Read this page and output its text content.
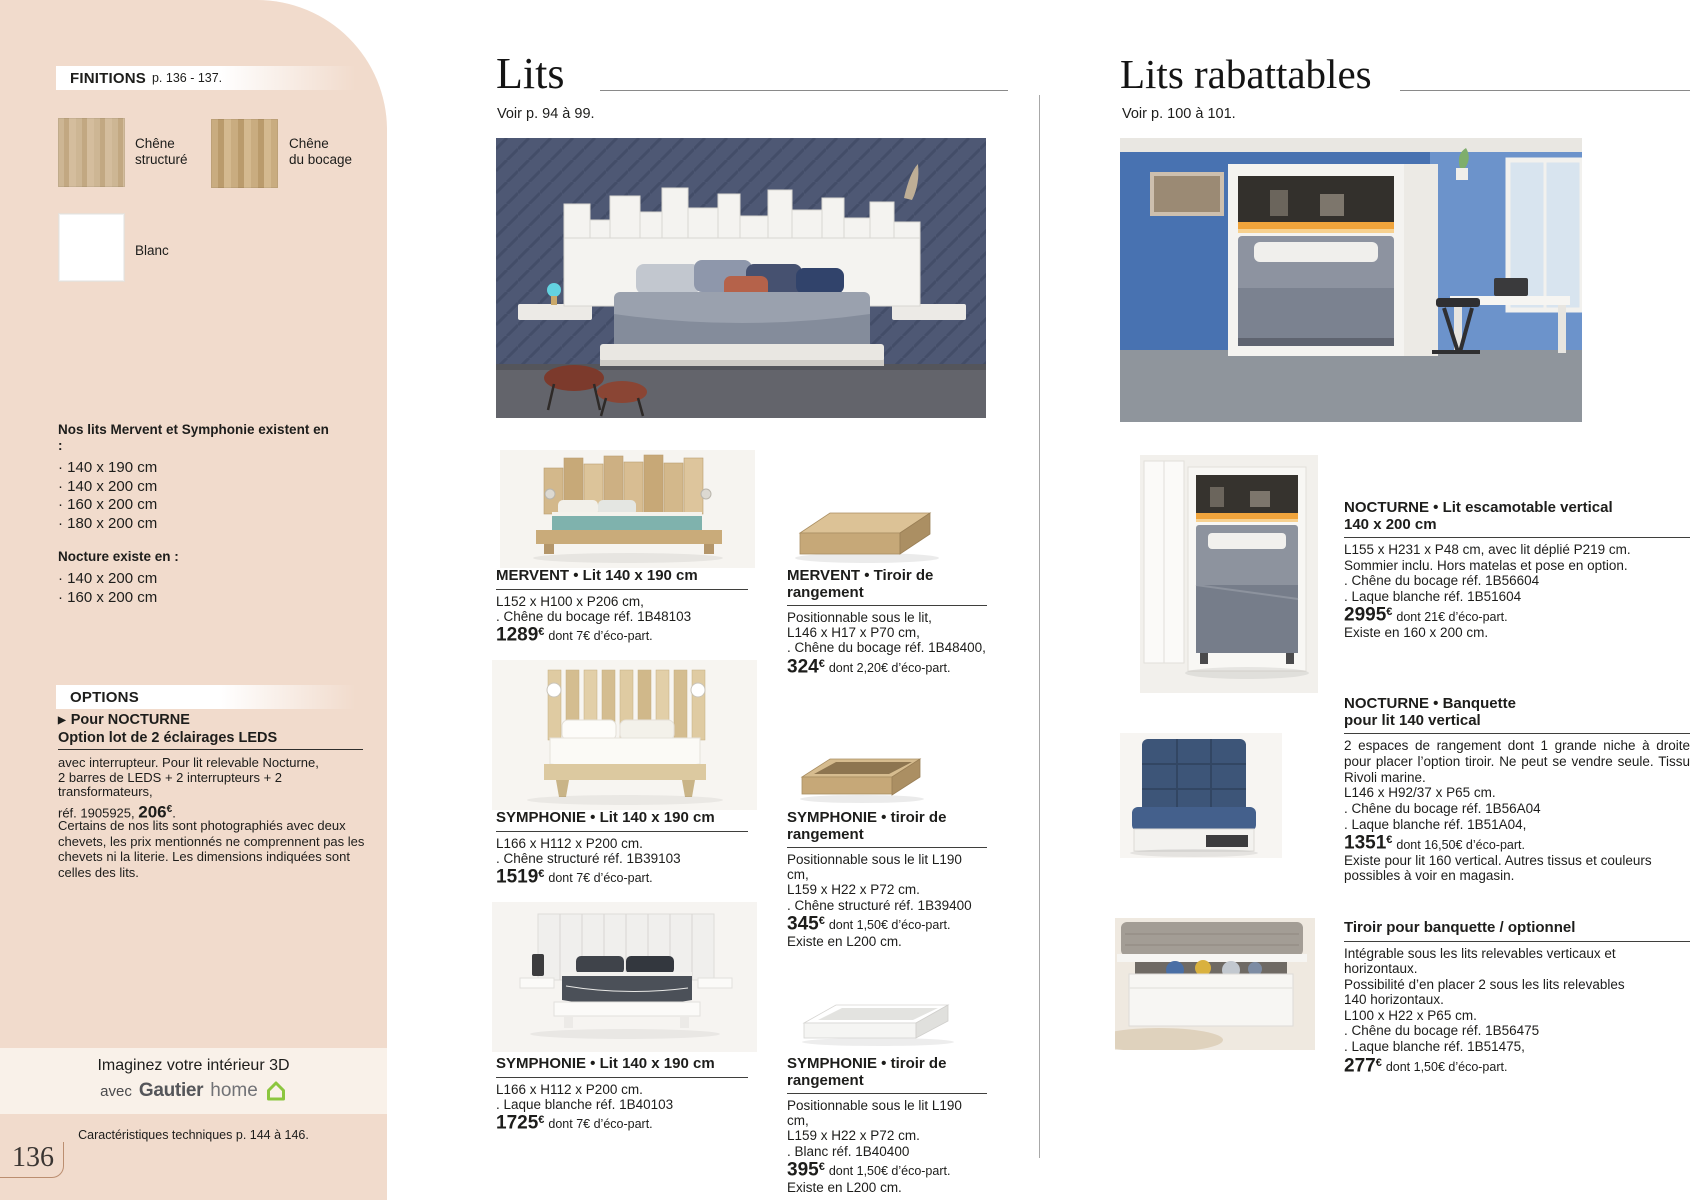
FINITIONS p. 136 - 137.
Chêne
structuré
Chêne
du bocage
Blanc
Nos lits Mervent et Symphonie existent en :
· 140 x 190 cm
· 140 x 200 cm
· 160 x 200 cm
· 180 x 200 cm
Nocture existe en :
· 140 x 200 cm
· 160 x 200 cm
OPTIONS
▶ Pour NOCTURNE
Option lot de 2 éclairages LEDS
avec interrupteur. Pour lit relevable Nocturne,
2 barres de LEDS + 2 interrupteurs + 2 transformateurs,
réf. 1905925, 206€.
Certains de nos lits sont photographiés avec deux chevets, les prix mentionnés ne comprennent pas les chevets ni la literie. Les dimensions indiquées sont celles des lits.
Imaginez votre intérieur 3D
avec Gautier home
Caractéristiques techniques p. 144 à 146.
136
Lits
Voir p. 94 à 99.
MERVENT • Lit 140 x 190 cm
L152 x H100 x P206 cm,
. Chêne du bocage réf. 1B48103
1289€ dont 7€ d’éco-part.
MERVENT • Tiroir de rangement
Positionnable sous le lit,
L146 x H17 x P70 cm,
. Chêne du bocage réf. 1B48400,
324€ dont 2,20€ d’éco-part.
SYMPHONIE • Lit 140 x 190 cm
L166 x H112 x P200 cm.
. Chêne structuré réf. 1B39103
1519€ dont 7€ d’éco-part.
SYMPHONIE • tiroir de rangement
Positionnable sous le lit L190 cm,
L159 x H22 x P72 cm.
. Chêne structuré réf. 1B39400
345€ dont 1,50€ d’éco-part.
Existe en L200 cm.
SYMPHONIE • Lit 140 x 190 cm
L166 x H112 x P200 cm.
. Laque blanche réf. 1B40103
1725€ dont 7€ d’éco-part.
SYMPHONIE • tiroir de rangement
Positionnable sous le lit L190 cm,
L159 x H22 x P72 cm.
. Blanc réf. 1B40400
395€ dont 1,50€ d’éco-part.
Existe en L200 cm.
Lits rabattables
Voir p. 100 à 101.
NOCTURNE • Lit escamotable vertical
140 x 200 cm
L155 x H231 x P48 cm, avec lit déplié P219 cm.
Sommier inclu. Hors matelas et pose en option.
. Chêne du bocage réf. 1B56604
. Laque blanche réf. 1B51604
2995€ dont 21€ d’éco-part.
Existe en 160 x 200 cm.
NOCTURNE • Banquette
pour lit 140 vertical
2 espaces de rangement dont 1 grande niche à droite pour placer l’option tiroir. Ne peut se vendre seule. Tissu Rivoli marine.
L146 x H92/37 x P65 cm.
. Chêne du bocage réf. 1B56A04
. Laque blanche réf. 1B51A04,
1351€ dont 16,50€ d’éco-part.
Existe pour lit 160 vertical. Autres tissus et couleurs possibles à voir en magasin.
Tiroir pour banquette / optionnel
Intégrable sous les lits relevables verticaux et
horizontaux.
Possibilité d’en placer 2 sous les lits relevables
140 horizontaux.
L100 x H22 x P65 cm.
. Chêne du bocage réf. 1B56475
. Laque blanche réf. 1B51475,
277€ dont 1,50€ d’éco-part.
